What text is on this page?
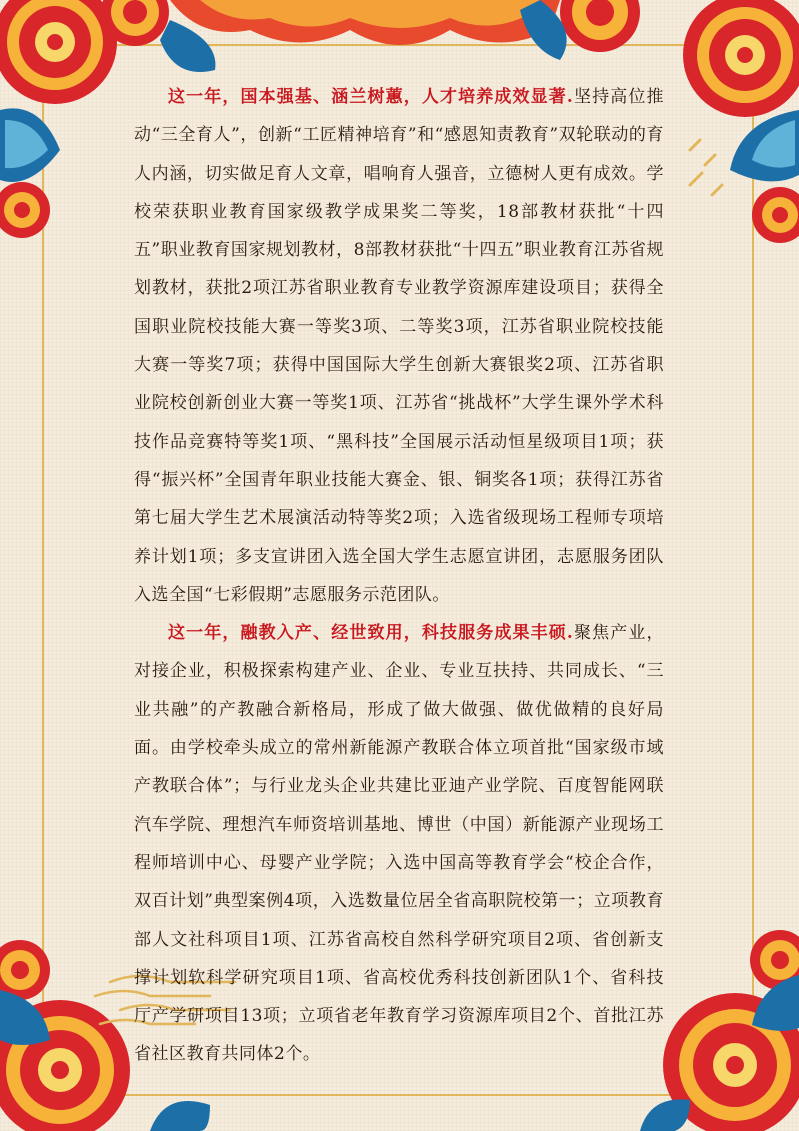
这一年，国本强基、涵兰树蕙，人才培养成效显著.坚持高位推动“三全育人”，创新“工匠精神培育”和“感恩知责教育”双轮联动的育人内涵，切实做足育人文章，唱响育人强音，立德树人更有成效。学校荣获职业教育国家级教学成果奖二等奖，18部教材获批“十四五”职业教育国家规划教材，8部教材获批“十四五”职业教育江苏省规划教材，获批2项江苏省职业教育专业教学资源库建设项目；获得全国职业院校技能大赛一等奖3项、二等奖3项，江苏省职业院校技能大赛一等奖7项；获得中国国际大学生创新大赛银奖2项、江苏省职业院校创新创业大赛一等奖1项、江苏省“挑战杯”大学生课外学术科技作品竞赛特等奖1项、“黑科技”全国展示活动恒星级项目1项；获得“振兴杯”全国青年职业技能大赛金、银、铜奖各1项；获得江苏省第七届大学生艺术展演活动特等奖2项；入选省级现场工程师专项培养计划1项；多支宣讲团入选全国大学生志愿宣讲团，志愿服务团队入选全国“七彩假期”志愿服务示范团队。

这一年，融教入产、经世致用，科技服务成果丰硕.聚焦产业，对接企业，积极探索构建产业、企业、专业互扶持、共同成长、“三业共融”的产教融合新格局，形成了做大做强、做优做精的良好局面。由学校牵头成立的常州新能源产教联合体立项首批“国家级市域产教联合体”；与行业龙头企业共建比亚迪产业学院、百度智能网联汽车学院、理想汽车师资培训基地、博世（中国）新能源产业现场工程师培训中心、母婴产业学院；入选中国高等教育学会“校企合作，双百计划”典型案例4项，入选数量位居全省高职院校第一；立项教育部人文社科项目1项、江苏省高校自然科学研究项目2项、省创新支撑计划软科学研究项目1项、省高校优秀科技创新团队1个、省科技厅产学研项目13项；立项省老年教育学习资源库项目2个、首批江苏省社区教育共同体2个。
